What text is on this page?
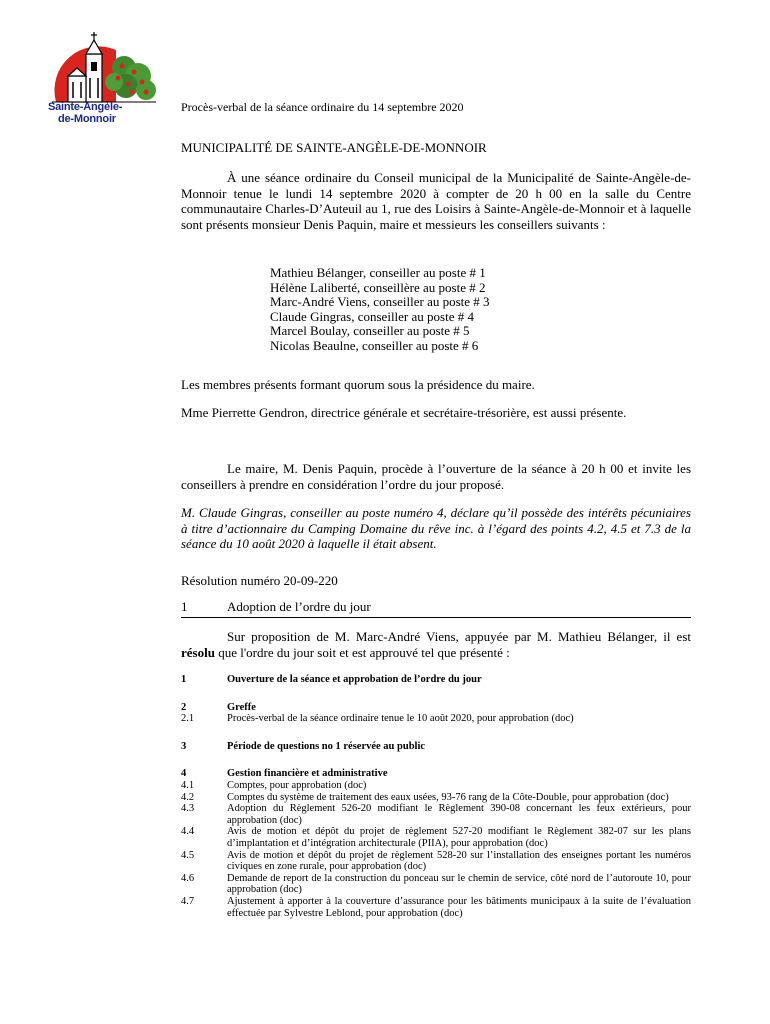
Sainte-Angèle-
de-Monnoir
Procès-verbal de la séance ordinaire du 14 septembre 2020
MUNICIPALITÉ DE SAINTE-ANGÈLE-DE-MONNOIR
À une séance ordinaire du Conseil municipal de la Municipalité de Sainte-Angèle-de-Monnoir tenue le lundi 14 septembre 2020 à compter de 20 h 00 en la salle du Centre communautaire Charles-D’Auteuil au 1, rue des Loisirs à Sainte-Angèle-de-Monnoir et à laquelle sont présents monsieur Denis Paquin, maire et messieurs les conseillers suivants :
Mathieu Bélanger, conseiller au poste # 1
Hélène Laliberté, conseillère au poste # 2
Marc-André Viens, conseiller au poste # 3
Claude Gingras, conseiller au poste # 4
Marcel Boulay, conseiller au poste # 5
Nicolas Beaulne, conseiller au poste # 6
Les membres présents formant quorum sous la présidence du maire.
Mme Pierrette Gendron, directrice générale et secrétaire-trésorière, est aussi présente.
Le maire, M. Denis Paquin, procède à l’ouverture de la séance à 20 h 00 et invite les conseillers à prendre en considération l’ordre du jour proposé.
M. Claude Gingras, conseiller au poste numéro 4, déclare qu’il possède des intérêts pécuniaires à titre d’actionnaire du Camping Domaine du rêve inc. à l’égard des points 4.2, 4.5 et 7.3 de la séance du 10 août 2020 à laquelle il était absent.
Résolution numéro 20-09-220
1	Adoption de l’ordre du jour
Sur proposition de M. Marc-André Viens, appuyée par M. Mathieu Bélanger, il est résolu que l'ordre du jour soit et est approuvé tel que présenté :
1	Ouverture de la séance et approbation de l’ordre du jour
2	Greffe
2.1	Procès-verbal de la séance ordinaire tenue le 10 août 2020, pour approbation (doc)
3	Période de questions no 1 réservée au public
4	Gestion financière et administrative
4.1	Comptes, pour approbation (doc)
4.2	Comptes du système de traitement des eaux usées, 93-76 rang de la Côte-Double, pour approbation (doc)
4.3	Adoption du Règlement 526-20 modifiant le Règlement 390-08 concernant les feux extérieurs, pour approbation (doc)
4.4	Avis de motion et dépôt du projet de règlement 527-20 modifiant le Règlement 382-07 sur les plans d’implantation et d’intégration architecturale (PIIA), pour approbation (doc)
4.5	Avis de motion et dépôt du projet de règlement 528-20 sur l’installation des enseignes portant les numéros civiques en zone rurale, pour approbation (doc)
4.6	Demande de report de la construction du ponceau sur le chemin de service, côté nord de l’autoroute 10, pour approbation (doc)
4.7	Ajustement à apporter à la couverture d’assurance pour les bâtiments municipaux à la suite de l’évaluation effectuée par Sylvestre Leblond, pour approbation (doc)
